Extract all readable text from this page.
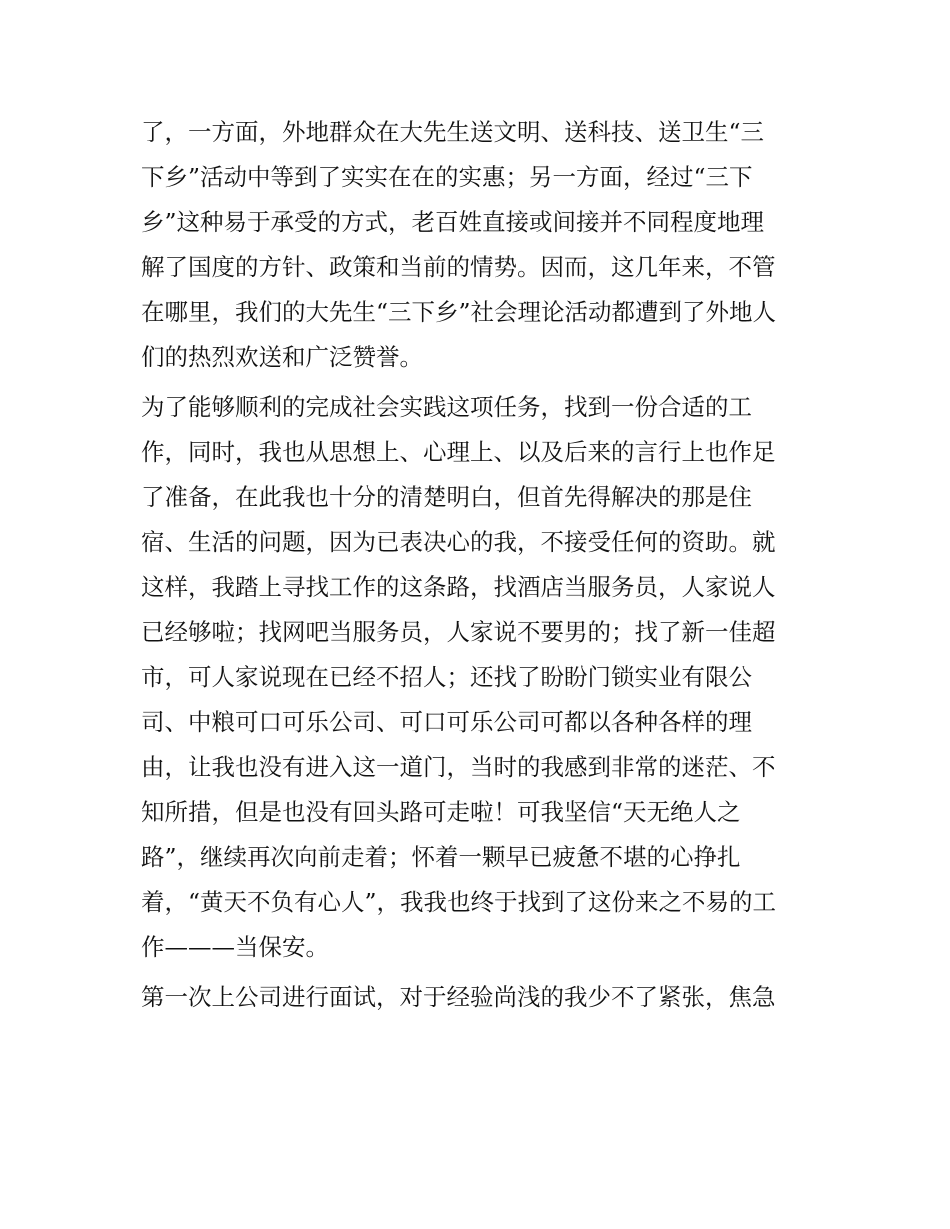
了，一方面，外地群众在大先生送文明、送科技、送卫生“三
下乡”活动中等到了实实在在的实惠；另一方面，经过“三下
乡”这种易于承受的方式，老百姓直接或间接并不同程度地理
解了国度的方针、政策和当前的情势。因而，这几年来，不管
在哪里，我们的大先生“三下乡”社会理论活动都遭到了外地人
们的热烈欢送和广泛赞誉。
为了能够顺利的完成社会实践这项任务，找到一份合适的工
作，同时，我也从思想上、心理上、以及后来的言行上也作足
了准备，在此我也十分的清楚明白，但首先得解决的那是住
宿、生活的问题，因为已表决心的我，不接受任何的资助。就
这样，我踏上寻找工作的这条路，找酒店当服务员，人家说人
已经够啦；找网吧当服务员，人家说不要男的；找了新一佳超
市，可人家说现在已经不招人；还找了盼盼门锁实业有限公
司、中粮可口可乐公司、可口可乐公司可都以各种各样的理
由，让我也没有进入这一道门，当时的我感到非常的迷茫、不
知所措，但是也没有回头路可走啦！可我坚信“天无绝人之
路”，继续再次向前走着；怀着一颗早已疲惫不堪的心挣扎
着，“黄天不负有心人”，我我也终于找到了这份来之不易的工
作———当保安。
第一次上公司进行面试，对于经验尚浅的我少不了紧张，焦急
